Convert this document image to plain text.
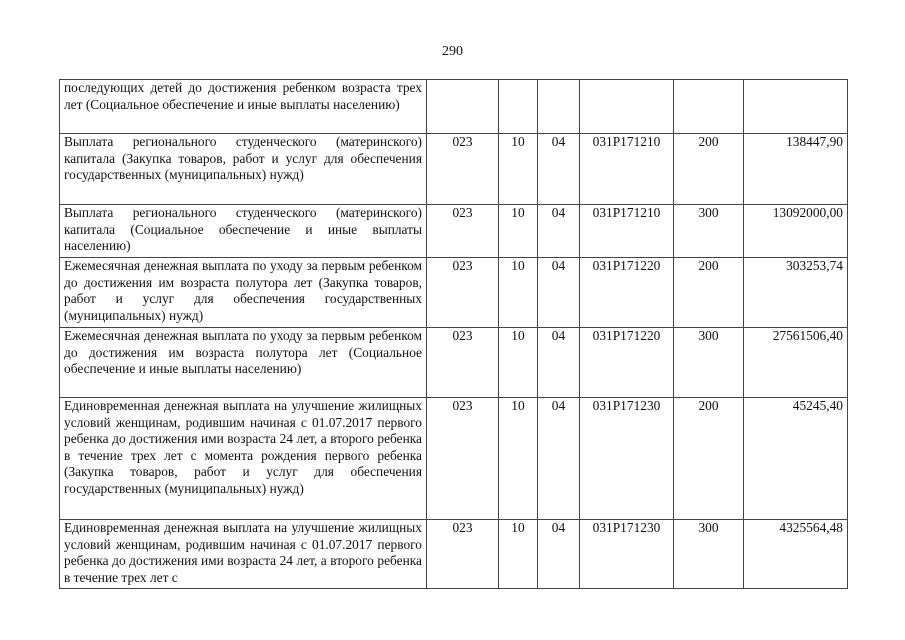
290
последующих детей до достижения ребенком возраста трех лет (Социальное обеспечение и иные выплаты населению)						
Выплата регионального студенческого (материнского) капитала (Закупка товаров, работ и услуг для обеспечения государственных (муниципальных) нужд)	023	10	04	031P171210	200	138447,90
Выплата регионального студенческого (материнского) капитала (Социальное обеспечение и иные выплаты населению)	023	10	04	031P171210	300	13092000,00
Ежемесячная денежная выплата по уходу за первым ребенком до достижения им возраста полутора лет (Закупка товаров, работ и услуг для обеспечения государственных (муниципальных) нужд)	023	10	04	031P171220	200	303253,74
Ежемесячная денежная выплата по уходу за первым ребенком до достижения им возраста полутора лет (Социальное обеспечение и иные выплаты населению)	023	10	04	031P171220	300	27561506,40
Единовременная денежная выплата на улучшение жилищных условий женщинам, родившим начиная с 01.07.2017 первого ребенка до достижения ими возраста 24 лет, а второго ребенка в течение трех лет с момента рождения первого ребенка (Закупка товаров, работ и услуг для обеспечения государственных (муниципальных) нужд)	023	10	04	031P171230	200	45245,40
Единовременная денежная выплата на улучшение жилищных условий женщинам, родившим начиная с 01.07.2017 первого ребенка до достижения ими возраста 24 лет, а второго ребенка в течение трех лет с	023	10	04	031P171230	300	4325564,48
